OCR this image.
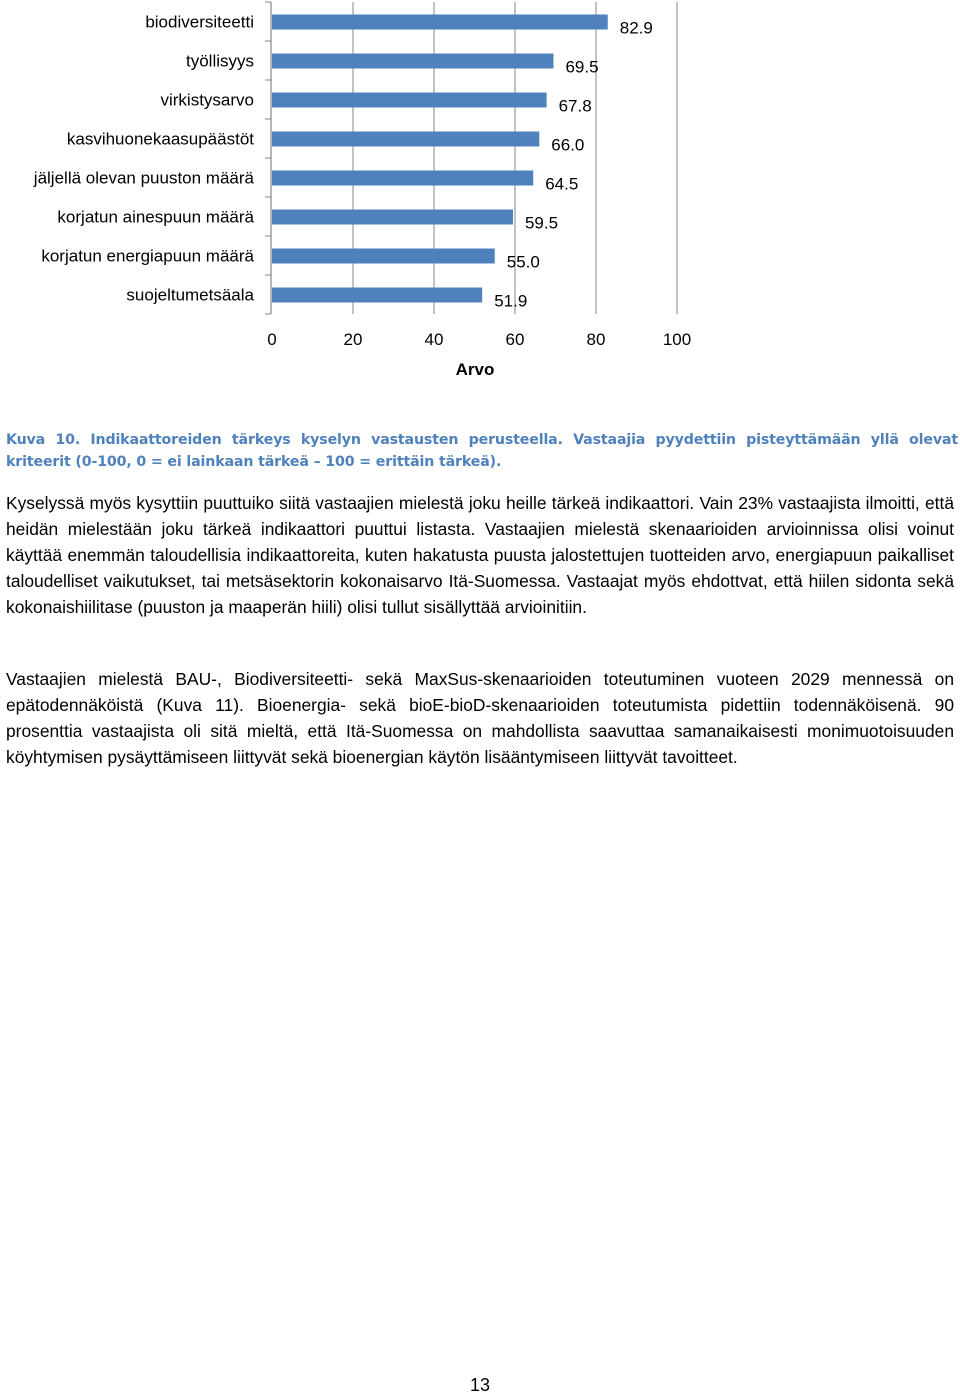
82.9
69.5
67.8
66.0
64.5
59.5
55.0
51.9
biodiversiteetti
työllisyys
virkistysarvo
kasvihuonekaasupäästöt
jäljellä olevan puuston määrä
korjatun ainespuun määrä
korjatun energiapuun määrä
suojeltumetsäala
0	20	40	60	80	100
Arvo
Kuva 10. Indikaattoreiden tärkeys kyselyn vastausten perusteella. Vastaajia pyydettiin pisteyttämään yllä olevat kriteerit (0-100, 0 = ei lainkaan tärkeä – 100 = erittäin tärkeä).
Kyselyssä myös kysyttiin puuttuiko siitä vastaajien mielestä joku heille tärkeä indikaattori. Vain 23% vastaajista ilmoitti, että heidän mielestään joku tärkeä indikaattori puuttui listasta. Vastaajien mielestä skenaarioiden arvioinnissa olisi voinut käyttää enemmän taloudellisia indikaattoreita, kuten hakatusta puusta jalostettujen tuotteiden arvo, energiapuun paikalliset taloudelliset vaikutukset, tai metsäsektorin kokonaisarvo Itä-Suomessa. Vastaajat myös ehdottvat, että hiilen sidonta sekä kokonaishiilitase (puuston ja maaperän hiili) olisi tullut sisällyttää arvioinitiin.
Vastaajien mielestä BAU-, Biodiversiteetti- sekä MaxSus-skenaarioiden toteutuminen vuoteen 2029 mennessä on epätodennäköistä (Kuva 11). Bioenergia- sekä bioE-bioD-skenaarioiden toteutumista pidettiin todennäköisenä. 90 prosenttia vastaajista oli sitä mieltä, että Itä-Suomessa on mahdollista saavuttaa samanaikaisesti monimuotoisuuden köyhtymisen pysäyttämiseen liittyvät sekä bioenergian käytön lisääntymiseen liittyvät tavoitteet.
13
